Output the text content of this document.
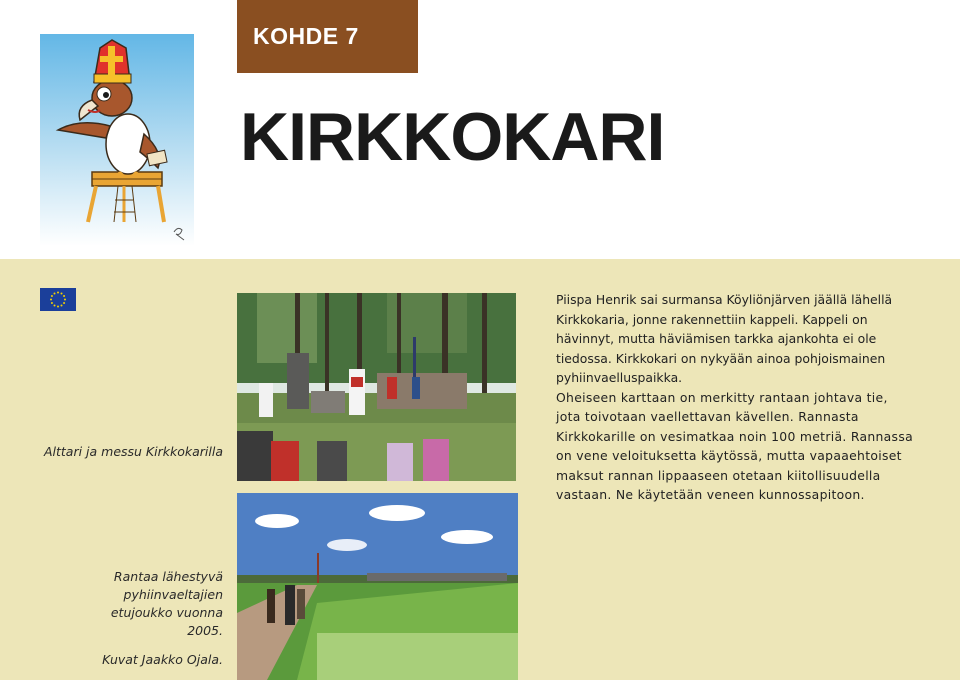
KOHDE 7
KIRKKOKARI
Alttari ja messu Kirkkokarilla
Rantaa lähestyvä
pyhiinvaeltajien
etujoukko vuonna
2005.
Kuvat Jaakko Ojala.

Piispa Henrik sai surmansa Köyliönjärven jäällä lähellä Kirkkokaria, jonne rakennettiin kappeli. Kappeli on hävinnyt, mutta häviämisen tarkka ajankohta ei ole tiedossa. Kirkkokari on nykyään ainoa pohjoismainen pyhiinvaelluspaikka.

Oheiseen karttaan on merkitty rantaan johtava tie, jota toivotaan vaellettavan kävellen. Rannasta Kirkkokarille on vesimatkaa noin 100 metriä. Rannassa on vene veloituksetta käytössä, mutta vapaaehtoiset maksut rannan lippaaseen otetaan kiitollisuudella vastaan. Ne käytetään veneen kunnossapitoon.
